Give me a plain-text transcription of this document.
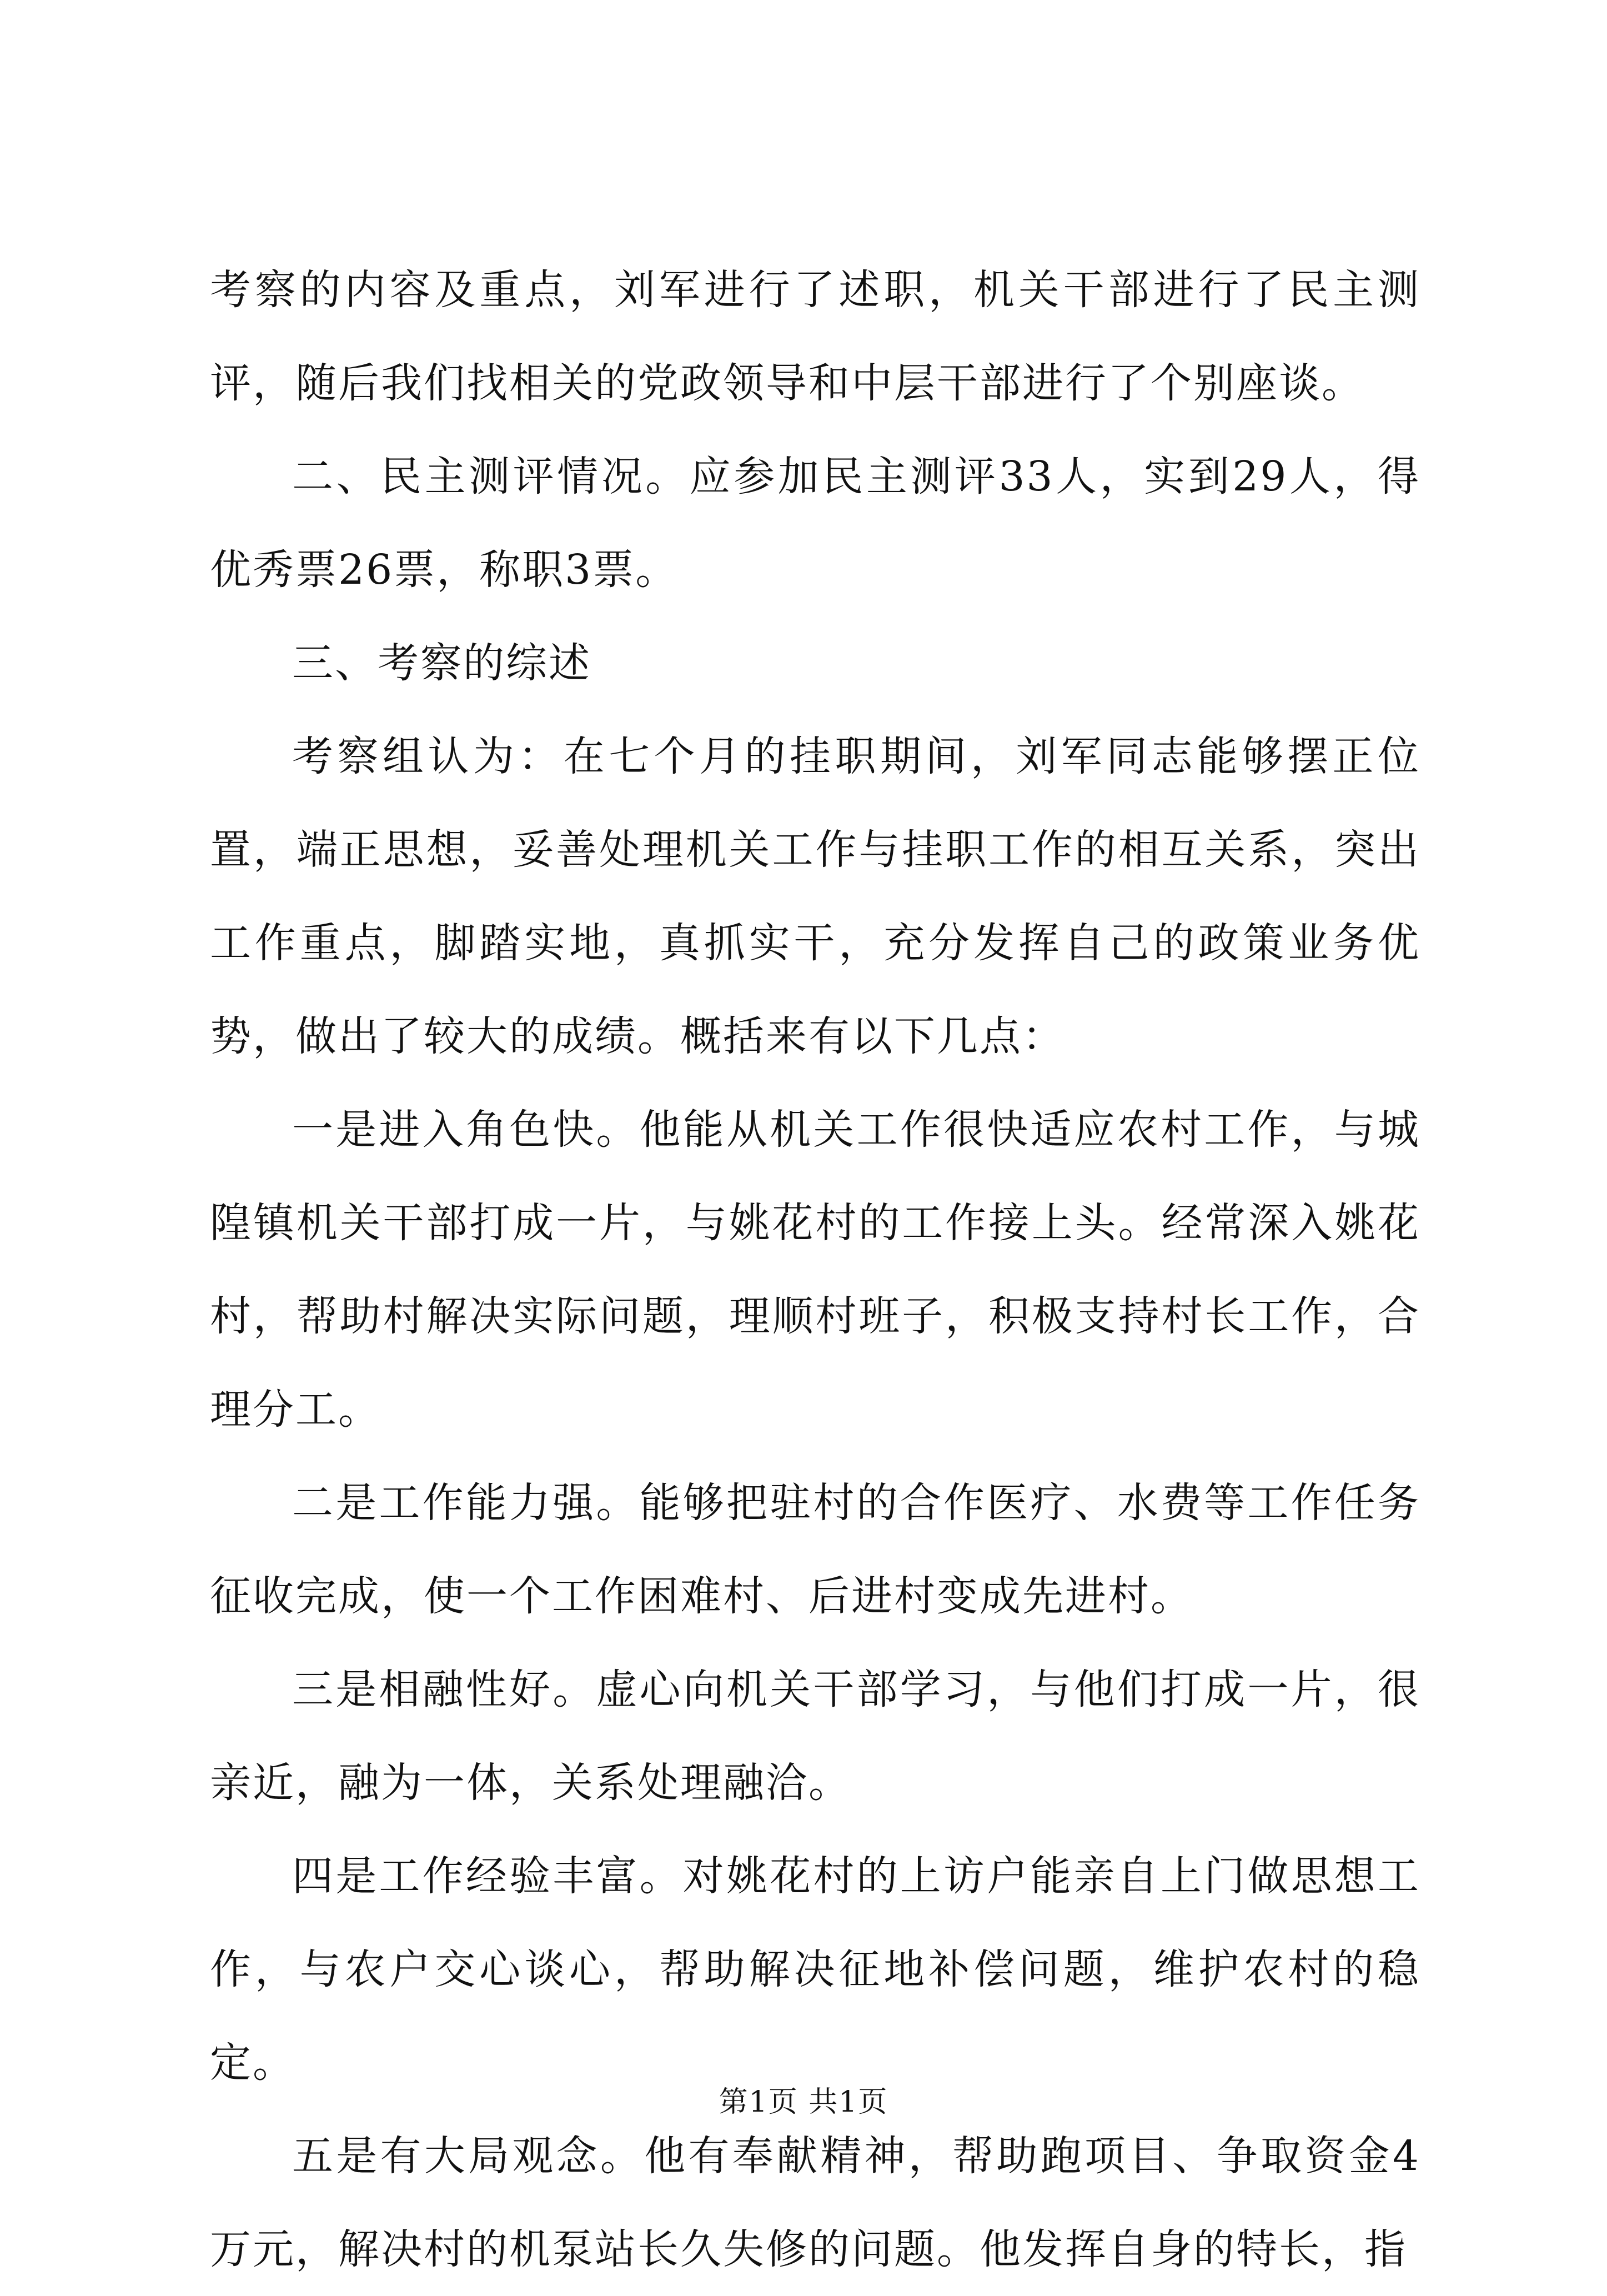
考察的内容及重点，刘军进行了述职，机关干部进行了民主测评，随后我们找相关的党政领导和中层干部进行了个别座谈。

二、民主测评情况。应参加民主测评33人，实到29人，得优秀票26票，称职3票。

三、考察的综述

考察组认为：在七个月的挂职期间，刘军同志能够摆正位置，端正思想，妥善处理机关工作与挂职工作的相互关系，突出工作重点，脚踏实地，真抓实干，充分发挥自己的政策业务优势，做出了较大的成绩。概括来有以下几点：

一是进入角色快。他能从机关工作很快适应农村工作，与城隍镇机关干部打成一片，与姚花村的工作接上头。经常深入姚花村，帮助村解决实际问题，理顺村班子，积极支持村长工作，合理分工。

二是工作能力强。能够把驻村的合作医疗、水费等工作任务征收完成，使一个工作困难村、后进村变成先进村。

三是相融性好。虚心向机关干部学习，与他们打成一片，很亲近，融为一体，关系处理融洽。

四是工作经验丰富。对姚花村的上访户能亲自上门做思想工作，与农户交心谈心，帮助解决征地补偿问题，维护农村的稳定。

五是有大局观念。他有奉献精神，帮助跑项目、争取资金4万元，解决村的机泵站长久失修的问题。他发挥自身的特长，指

第1页 共1页
